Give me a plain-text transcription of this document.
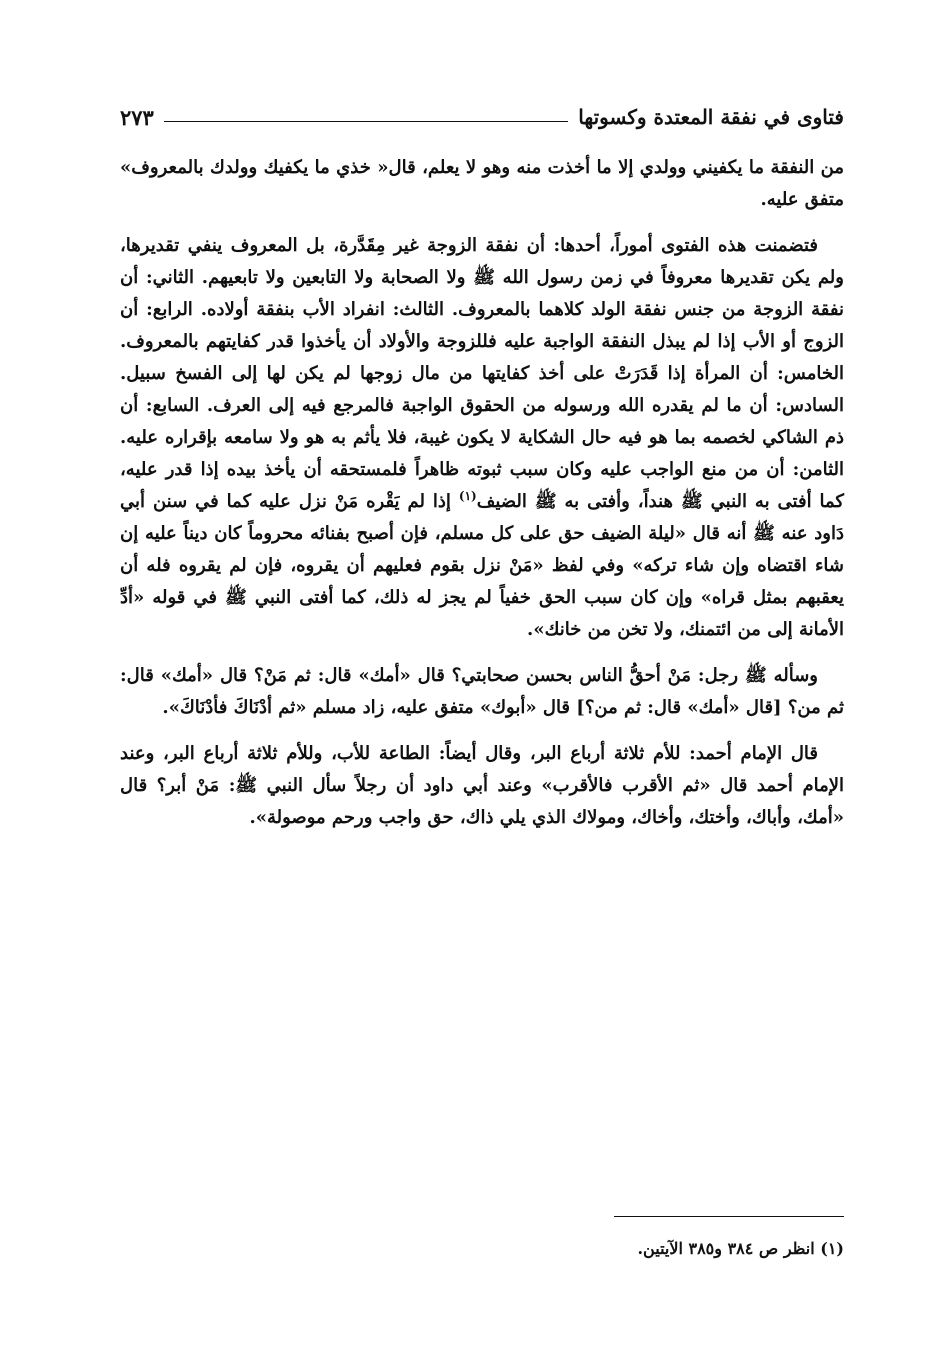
فتاوى في نفقة المعتدة وكسوتها
٢٧٣

من النفقة ما يكفيني وولدي إلا ما أخذت منه وهو لا يعلم، قال« خذي ما يكفيك وولدك بالمعروف» متفق عليه.

فتضمنت هذه الفتوى أموراً، أحدها: أن نفقة الزوجة غير مِقَدَّرة، بل المعروف ينفي تقديرها، ولم يكن تقديرها معروفاً في زمن رسول الله ﷺ ولا الصحابة ولا التابعين ولا تابعيهم. الثاني: أن نفقة الزوجة من جنس نفقة الولد كلاهما بالمعروف. الثالث: انفراد الأب بنفقة أولاده. الرابع: أن الزوج أو الأب إذا لم يبذل النفقة الواجبة عليه فللزوجة والأولاد أن يأخذوا قدر كفايتهم بالمعروف. الخامس: أن المرأة إذا قَدَرَتْ على أخذ كفايتها من مال زوجها لم يكن لها إلى الفسخ سبيل. السادس: أن ما لم يقدره الله ورسوله من الحقوق الواجبة فالمرجع فيه إلى العرف. السابع: أن ذم الشاكي لخصمه بما هو فيه حال الشكاية لا يكون غيبة، فلا يأثم به هو ولا سامعه بإقراره عليه. الثامن: أن من منع الواجب عليه وكان سبب ثبوته ظاهراً فلمستحقه أن يأخذ بيده إذا قدر عليه، كما أفتى به النبي ﷺ هنداً، وأفتى به ﷺ الضيف$^{(١)}$ إذا لم يَقْره مَنْ نزل عليه كما في سنن أبي دَاود عنه ﷺ أنه قال «ليلة الضيف حق على كل مسلم، فإن أصبح بفنائه محروماً كان ديناً عليه إن شاء اقتضاه وإن شاء تركه» وفي لفظ «مَنْ نزل بقوم فعليهم أن يقروه، فإن لم يقروه فله أن يعقبهم بمثل قراه» وإن كان سبب الحق خفياً لم يجز له ذلك، كما أفتى النبي ﷺ في قوله «أدِّ الأمانة إلى من ائتمنك، ولا تخن من خانك».

وسأله ﷺ رجل: مَنْ أحقُّ الناس بحسن صحابتي؟ قال «أمك» قال: ثم مَنْ؟ قال «أمك» قال: ثم من؟ [قال «أمك» قال: ثم من؟] قال «أبوك» متفق عليه، زاد مسلم «ثم أدْنَاكَ فأدْنَاكَ».

قال الإمام أحمد: للأم ثلاثة أرباع البر، وقال أيضاً: الطاعة للأب، وللأم ثلاثة أرباع البر، وعند الإمام أحمد قال «ثم الأقرب فالأقرب» وعند أبي داود أن رجلاً سأل النبي ﷺ: مَنْ أبر؟ قال «أمك، وأباك، وأختك، وأخاك، ومولاك الذي يلي ذاك، حق واجب ورحم موصولة».

(١) انظر ص ٣٨٤ و٣٨٥ الآيتين.
